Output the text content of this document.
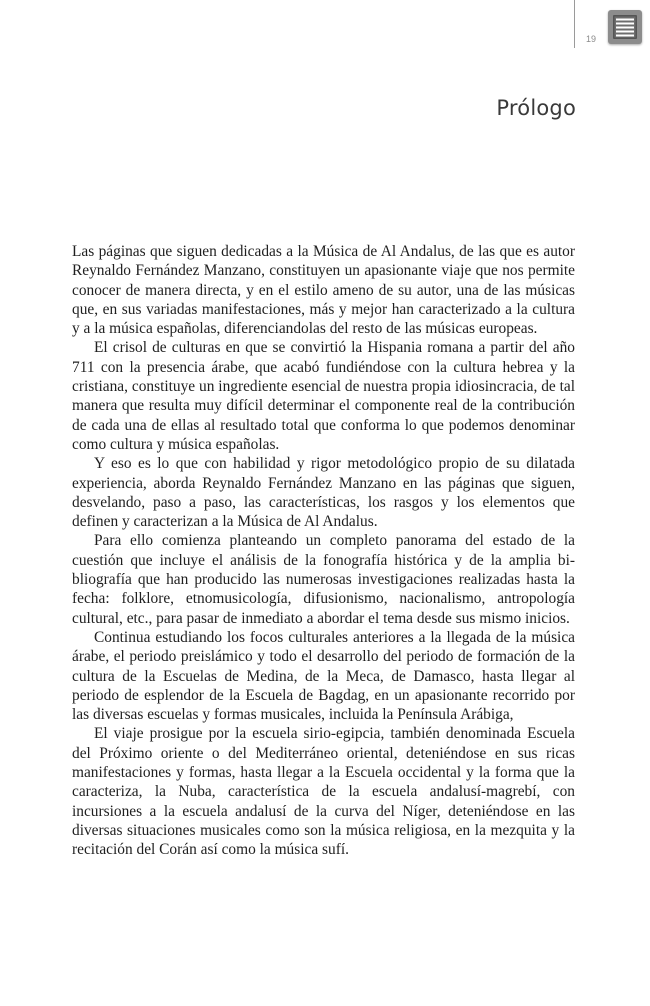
19
Prólogo

Las páginas que siguen dedicadas a la Música de Al Andalus, de las que es autor Reynaldo Fernández Manzano, constituyen un apasionante viaje que nos permite conocer de manera directa, y en el estilo ameno de su autor, una de las músicas que, en sus variadas manifestaciones, más y mejor han caracterizado a la cultura y a la música españolas, diferenciandolas del resto de las músicas europeas.

El crisol de culturas en que se convirtió la Hispania romana a partir del año 711 con la presencia árabe, que acabó fundiéndose con la cultura hebrea y la cristiana, constituye un ingrediente esencial de nuestra propia idiosincracia, de tal manera que resulta muy difícil determinar el componente real de la contribución de cada una de ellas al resultado total que conforma lo que podemos denominar como cultura y música españolas.

Y eso es lo que con habilidad y rigor metodológico propio de su dilatada experiencia, aborda Reynaldo Fernández Manzano en las páginas que siguen, desvelando, paso a paso, las características, los rasgos y los elementos que definen y caracterizan a la Música de Al Andalus.

Para ello comienza planteando un completo panorama del estado de la cuestión que incluye el análisis de la fonografía histórica y de la amplia bibliografía que han producido las numerosas investigaciones realizadas hasta la fecha: folklore, etnomusicología, difusionismo, nacionalismo, antropología cultural, etc., para pasar de inmediato a abordar el tema desde sus mismo inicios.

Continua estudiando los focos culturales anteriores a la llegada de la música árabe, el periodo preislámico y todo el desarrollo del periodo de formación de la cultura de la Escuelas de Medina, de la Meca, de Damasco, hasta llegar al periodo de esplendor de la Escuela de Bagdag, en un apasionante recorrido por las diversas escuelas y formas musicales, incluida la Península Arábiga,

El viaje prosigue por la escuela sirio-egipcia, también denominada Escuela del Próximo oriente o del Mediterráneo oriental, deteniéndose en sus ricas manifestaciones y formas, hasta llegar a la Escuela occidental y la forma que la caracteriza, la Nuba, característica de la escuela andalusí-magrebí, con incursiones a la escuela andalusí de la curva del Níger, deteniéndose en las diversas situaciones musicales como son la música religiosa, en la mezquita y la recitación del Corán así como la música sufí.
